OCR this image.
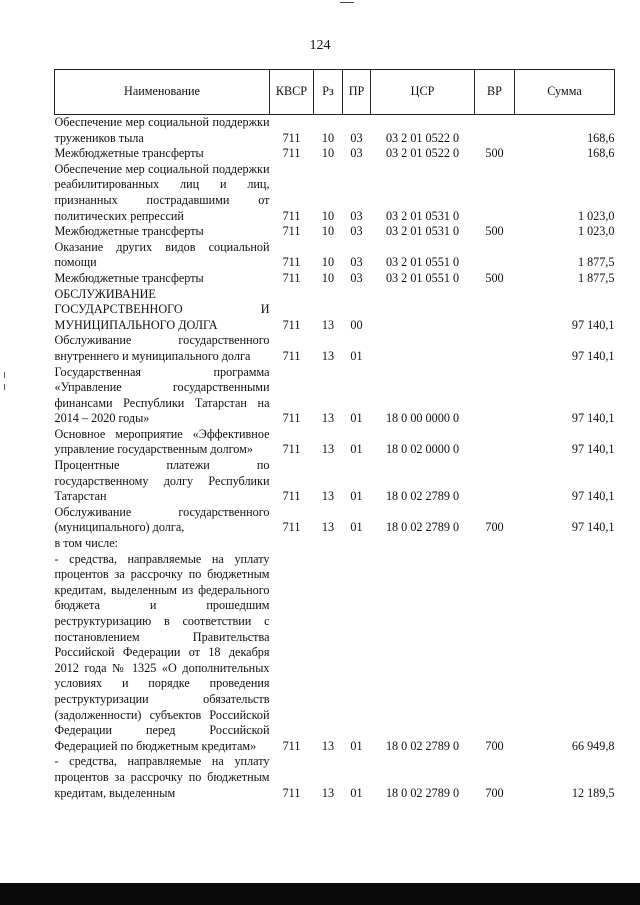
124
Наименование	КВСР	Рз	ПР	ЦСР	ВР	Сумма
Обеспечение мер социальной поддержки тружеников тыла	711	10	03	03 2 01 0522 0		168,6
Межбюджетные трансферты	711	10	03	03 2 01 0522 0	500	168,6
Обеспечение мер социальной поддержки реабилитированных лиц и лиц, признанных пострадавшими от политических репрессий	711	10	03	03 2 01 0531 0		1 023,0
Межбюджетные трансферты	711	10	03	03 2 01 0531 0	500	1 023,0
Оказание других видов социальной помощи	711	10	03	03 2 01 0551 0		1 877,5
Межбюджетные трансферты	711	10	03	03 2 01 0551 0	500	1 877,5
ОБСЛУЖИВАНИЕ ГОСУДАРСТВЕННОГО И МУНИЦИПАЛЬНОГО ДОЛГА	711	13	00			97 140,1
Обслуживание государственного внутреннего и муниципального долга	711	13	01			97 140,1
Государственная программа «Управление государственными финансами Республики Татарстан на 2014 – 2020 годы»	711	13	01	18 0 00 0000 0		97 140,1
Основное мероприятие «Эффективное управление государственным долгом»	711	13	01	18 0 02 0000 0		97 140,1
Процентные платежи по государственному долгу Республики Татарстан	711	13	01	18 0 02 2789 0		97 140,1
Обслуживание государственного (муниципального) долга,	711	13	01	18 0 02 2789 0	700	97 140,1
в том числе:						
- средства, направляемые на уплату процентов за рассрочку по бюджетным кредитам, выделенным из федерального бюджета и прошедшим реструктуризацию в соответствии с постановлением Правительства Российской Федерации от 18 декабря 2012 года № 1325 «О дополнительных условиях и порядке проведения реструктуризации обязательств (задолженности) субъектов Российской Федерации перед Российской Федерацией по бюджетным кредитам»	711	13	01	18 0 02 2789 0	700	66 949,8
- средства, направляемые на уплату процентов за рассрочку по бюджетным кредитам, выделенным	711	13	01	18 0 02 2789 0	700	12 189,5
